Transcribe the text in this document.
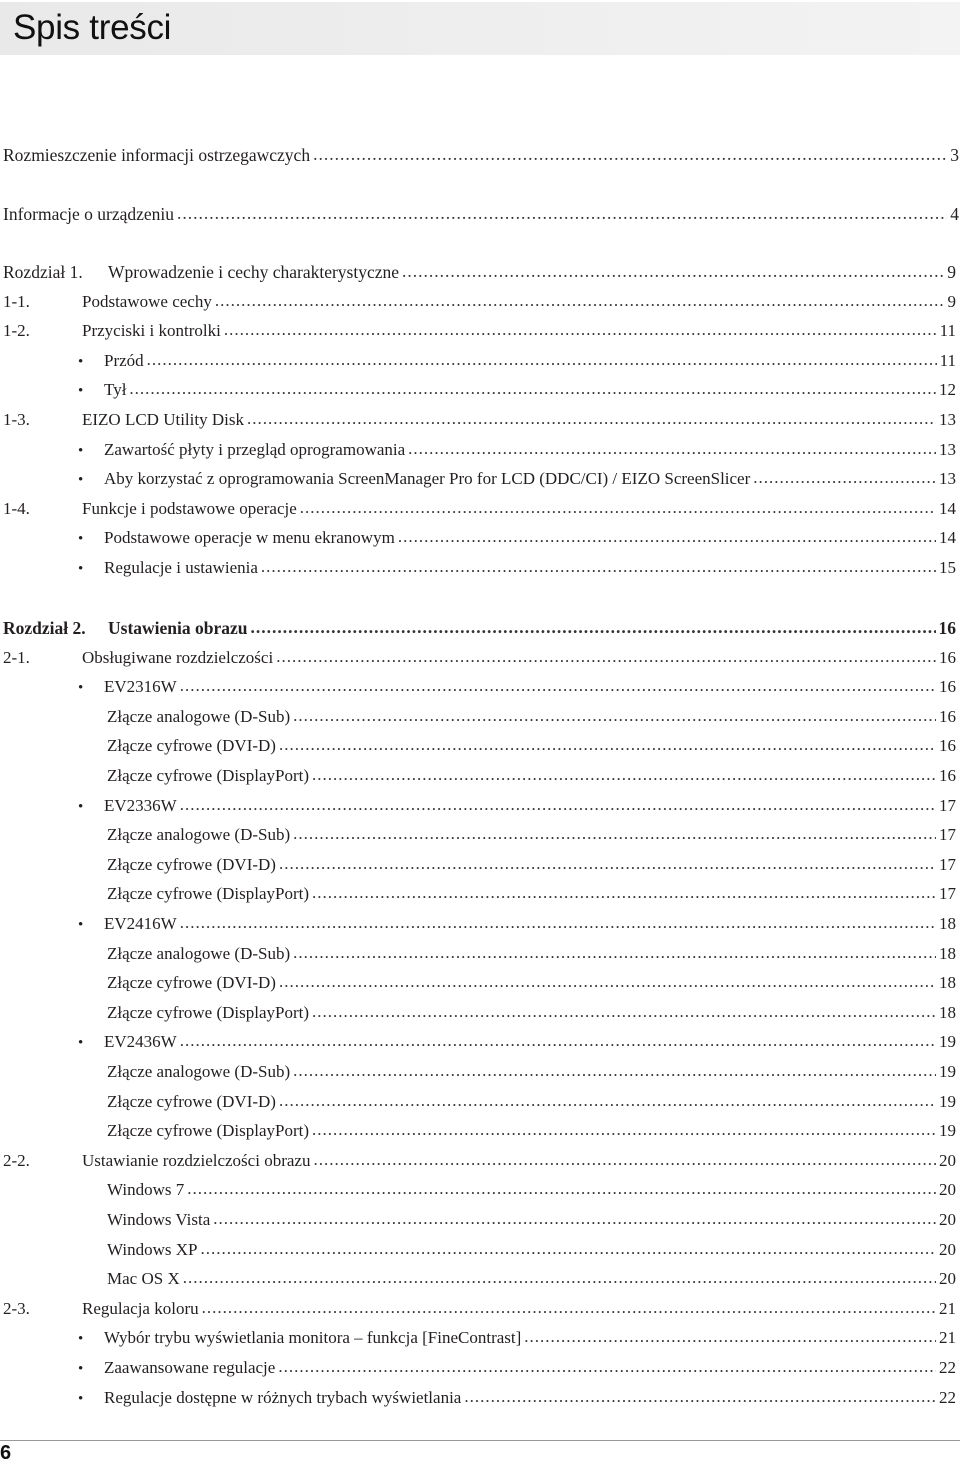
Spis treści
Rozmieszczenie informacji ostrzegawczych .....	3
Informacje o urządzeniu .....	4
Rozdział 1.	Wprowadzenie i cechy charakterystyczne .....	9
1-1.	Podstawowe cechy .....	9
1-2.	Przyciski i kontrolki .....	11
•	Przód .....	11
•	Tył .....	12
1-3.	EIZO LCD Utility Disk .....	13
•	Zawartość płyty i przegląd oprogramowania .....	13
•	Aby korzystać z oprogramowania ScreenManager Pro for LCD (DDC/CI) / EIZO ScreenSlicer .....	13
1-4.	Funkcje i podstawowe operacje .....	14
•	Podstawowe operacje w menu ekranowym .....	14
•	Regulacje i ustawienia .....	15
Rozdział 2.	Ustawienia obrazu .....	16
2-1.	Obsługiwane rozdzielczości .....	16
•	EV2316W .....	16
Złącze analogowe (D-Sub) .....	16
Złącze cyfrowe (DVI-D) .....	16
Złącze cyfrowe (DisplayPort) .....	16
•	EV2336W .....	17
Złącze analogowe (D-Sub) .....	17
Złącze cyfrowe (DVI-D) .....	17
Złącze cyfrowe (DisplayPort) .....	17
•	EV2416W .....	18
Złącze analogowe (D-Sub) .....	18
Złącze cyfrowe (DVI-D) .....	18
Złącze cyfrowe (DisplayPort) .....	18
•	EV2436W .....	19
Złącze analogowe (D-Sub) .....	19
Złącze cyfrowe (DVI-D) .....	19
Złącze cyfrowe (DisplayPort) .....	19
2-2.	Ustawianie rozdzielczości obrazu .....	20
Windows 7 .....	20
Windows Vista .....	20
Windows XP .....	20
Mac OS X .....	20
2-3.	Regulacja koloru .....	21
•	Wybór trybu wyświetlania monitora – funkcja [FineContrast] .....	21
•	Zaawansowane regulacje .....	22
•	Regulacje dostępne w różnych trybach wyświetlania .....	22
6
